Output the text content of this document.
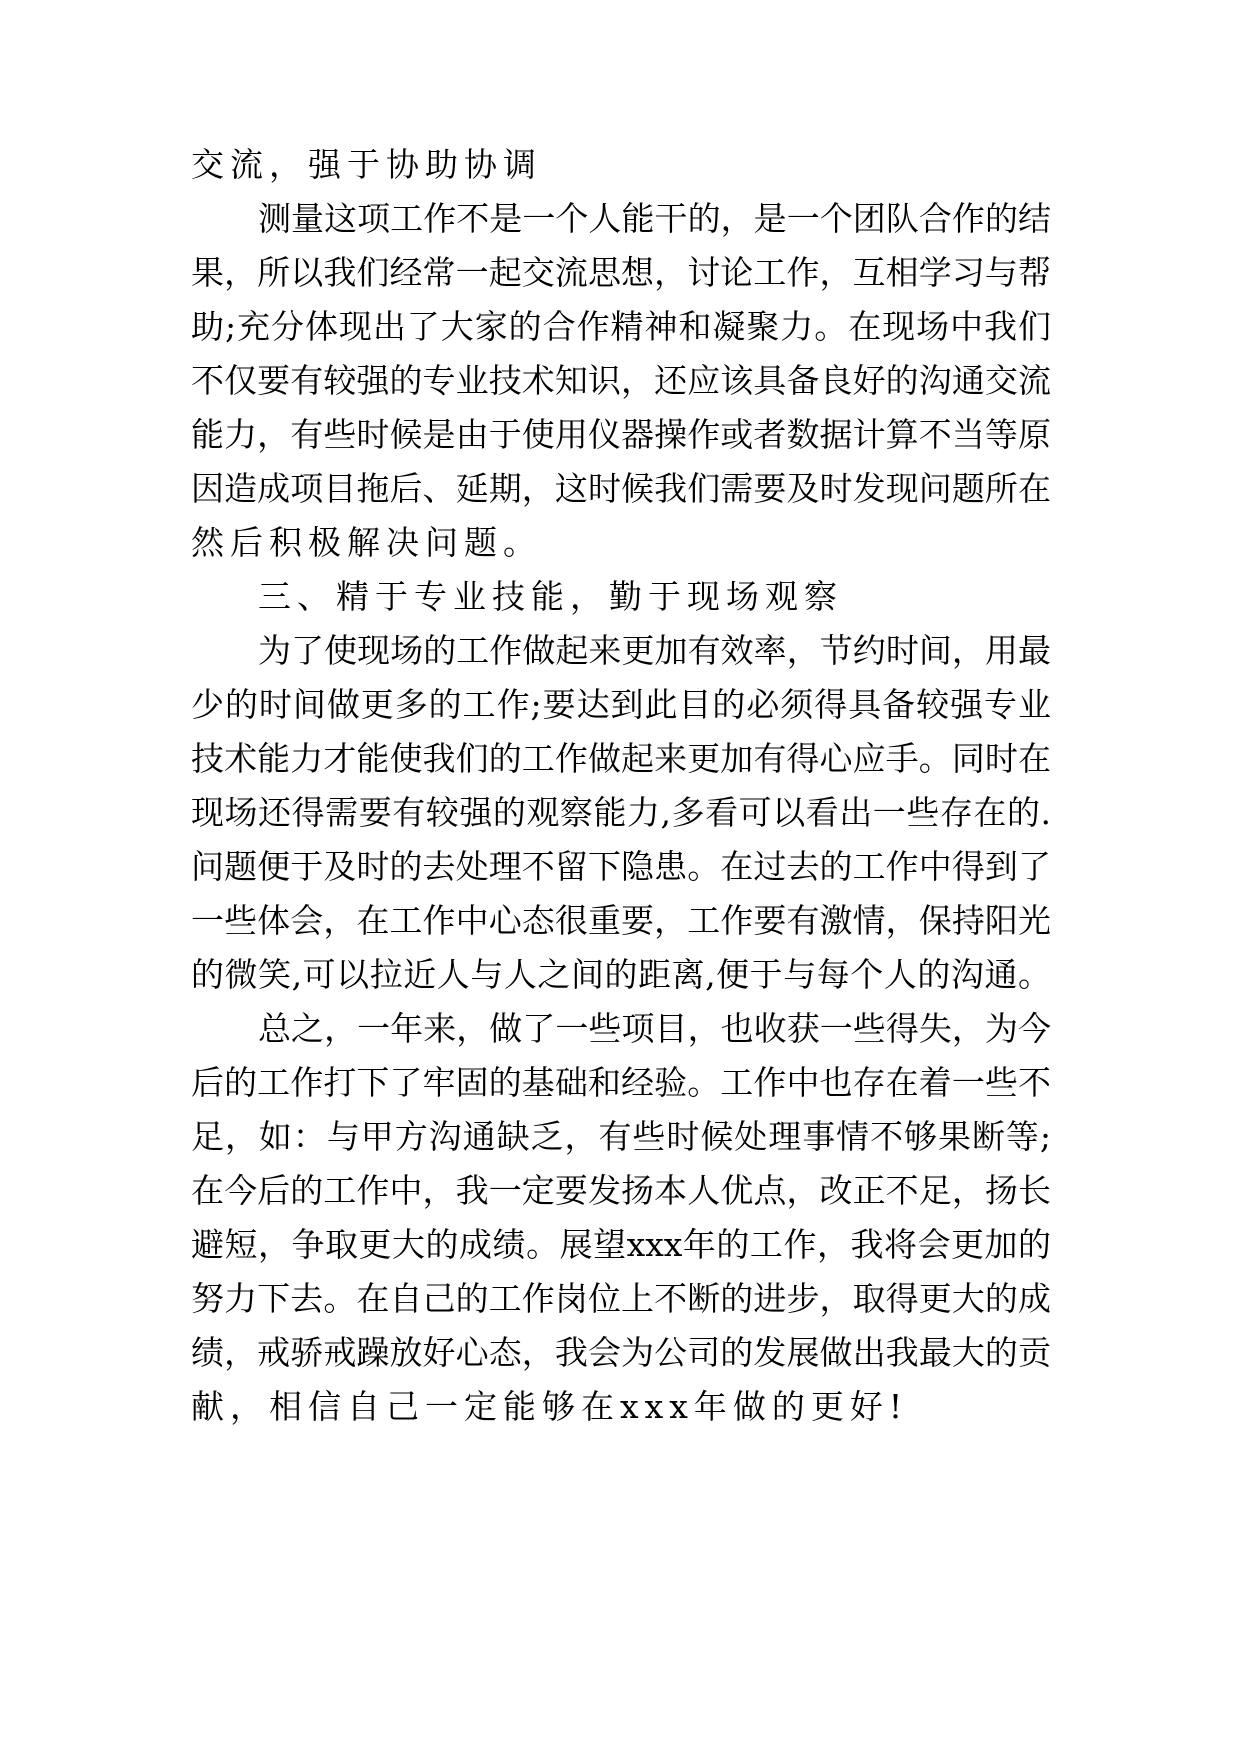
交流，强于协助协调
测量这项工作不是一个人能干的，是一个团队合作的结
果，所以我们经常一起交流思想，讨论工作，互相学习与帮
助;充分体现出了大家的合作精神和凝聚力。在现场中我们
不仅要有较强的专业技术知识，还应该具备良好的沟通交流
能力，有些时候是由于使用仪器操作或者数据计算不当等原
因造成项目拖后、延期，这时候我们需要及时发现问题所在
然后积极解决问题。
三、精于专业技能，勤于现场观察
为了使现场的工作做起来更加有效率，节约时间，用最
少的时间做更多的工作;要达到此目的必须得具备较强专业
技术能力才能使我们的工作做起来更加有得心应手。同时在
现场还得需要有较强的观察能力,多看可以看出一些存在的.
问题便于及时的去处理不留下隐患。在过去的工作中得到了
一些体会，在工作中心态很重要，工作要有激情，保持阳光
的微笑,可以拉近人与人之间的距离,便于与每个人的沟通。
总之，一年来，做了一些项目，也收获一些得失，为今
后的工作打下了牢固的基础和经验。工作中也存在着一些不
足，如：与甲方沟通缺乏，有些时候处理事情不够果断等;
在今后的工作中，我一定要发扬本人优点，改正不足，扬长
避短，争取更大的成绩。展望xxx年的工作，我将会更加的
努力下去。在自己的工作岗位上不断的进步，取得更大的成
绩，戒骄戒躁放好心态，我会为公司的发展做出我最大的贡
献，相信自己一定能够在xxx年做的更好!
